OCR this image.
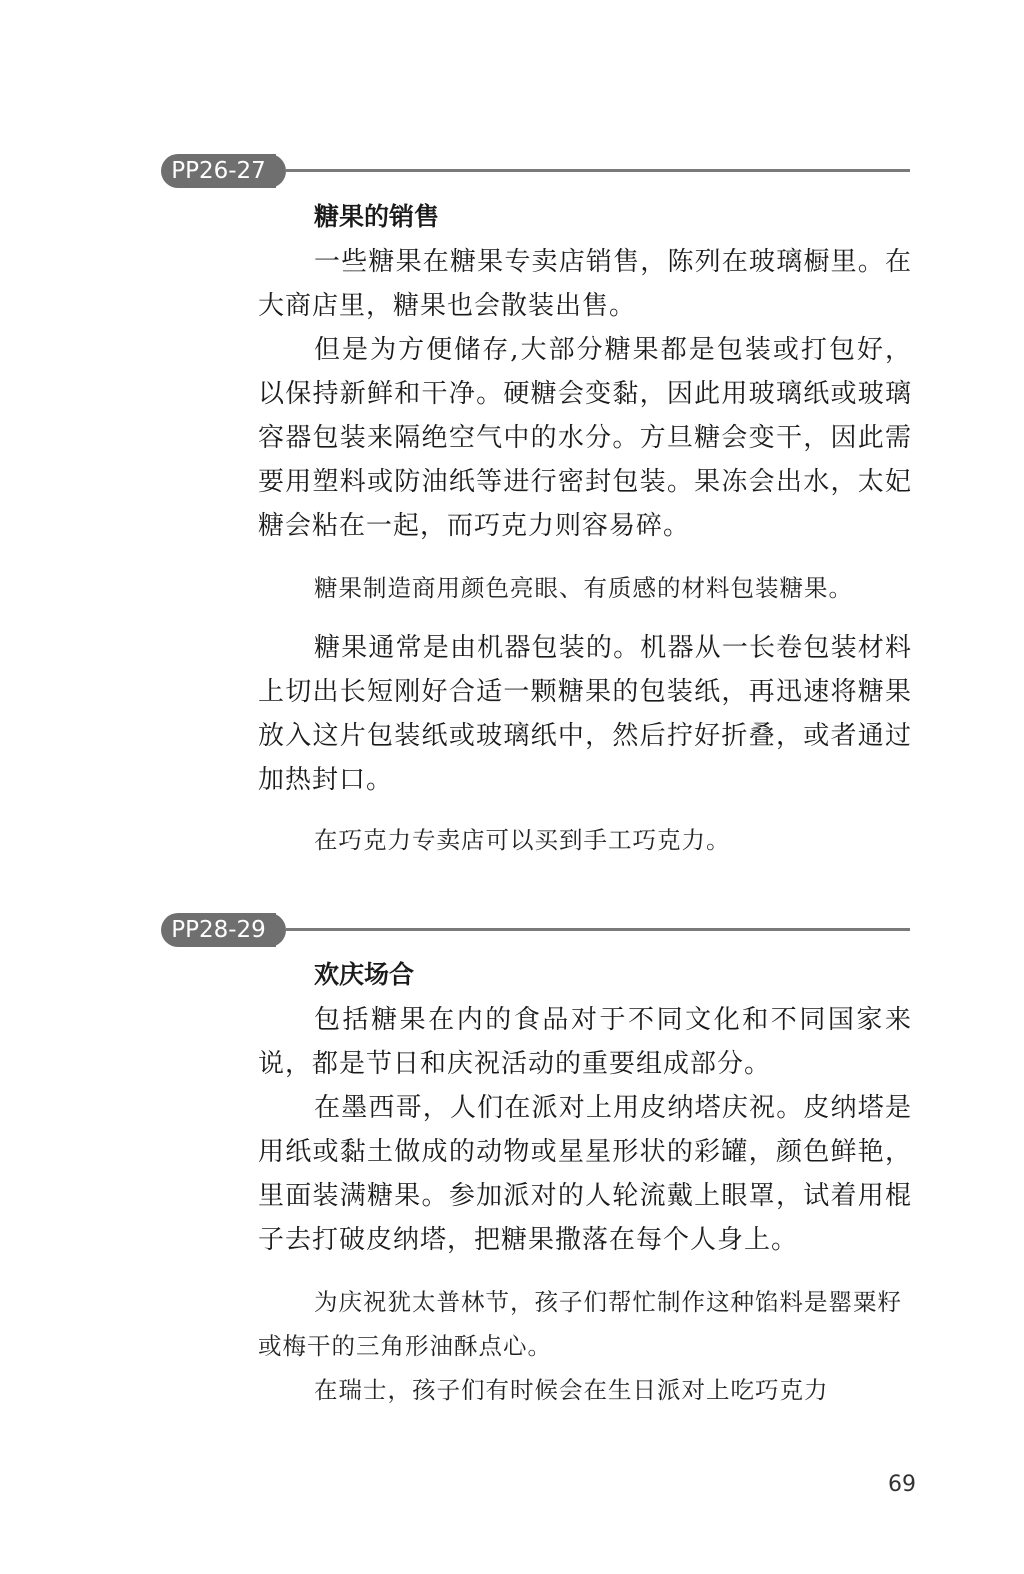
PP26-27
糖果的销售

一些糖果在糖果专卖店销售，陈列在玻璃橱里。在大商店里，糖果也会散装出售。

但是为方便储存,大部分糖果都是包装或打包好，以保持新鲜和干净。硬糖会变黏，因此用玻璃纸或玻璃容器包装来隔绝空气中的水分。方旦糖会变干，因此需要用塑料或防油纸等进行密封包装。果冻会出水，太妃糖会粘在一起，而巧克力则容易碎。

糖果制造商用颜色亮眼、有质感的材料包装糖果。

糖果通常是由机器包装的。机器从一长卷包装材料上切出长短刚好合适一颗糖果的包装纸，再迅速将糖果放入这片包装纸或玻璃纸中，然后拧好折叠，或者通过加热封口。

在巧克力专卖店可以买到手工巧克力。

PP28-29
欢庆场合

包括糖果在内的食品对于不同文化和不同国家来说，都是节日和庆祝活动的重要组成部分。

在墨西哥，人们在派对上用皮纳塔庆祝。皮纳塔是用纸或黏土做成的动物或星星形状的彩罐，颜色鲜艳，里面装满糖果。参加派对的人轮流戴上眼罩，试着用棍子去打破皮纳塔，把糖果撒落在每个人身上。

为庆祝犹太普林节，孩子们帮忙制作这种馅料是罂粟籽或梅干的三角形油酥点心。

在瑞士，孩子们有时候会在生日派对上吃巧克力

69
